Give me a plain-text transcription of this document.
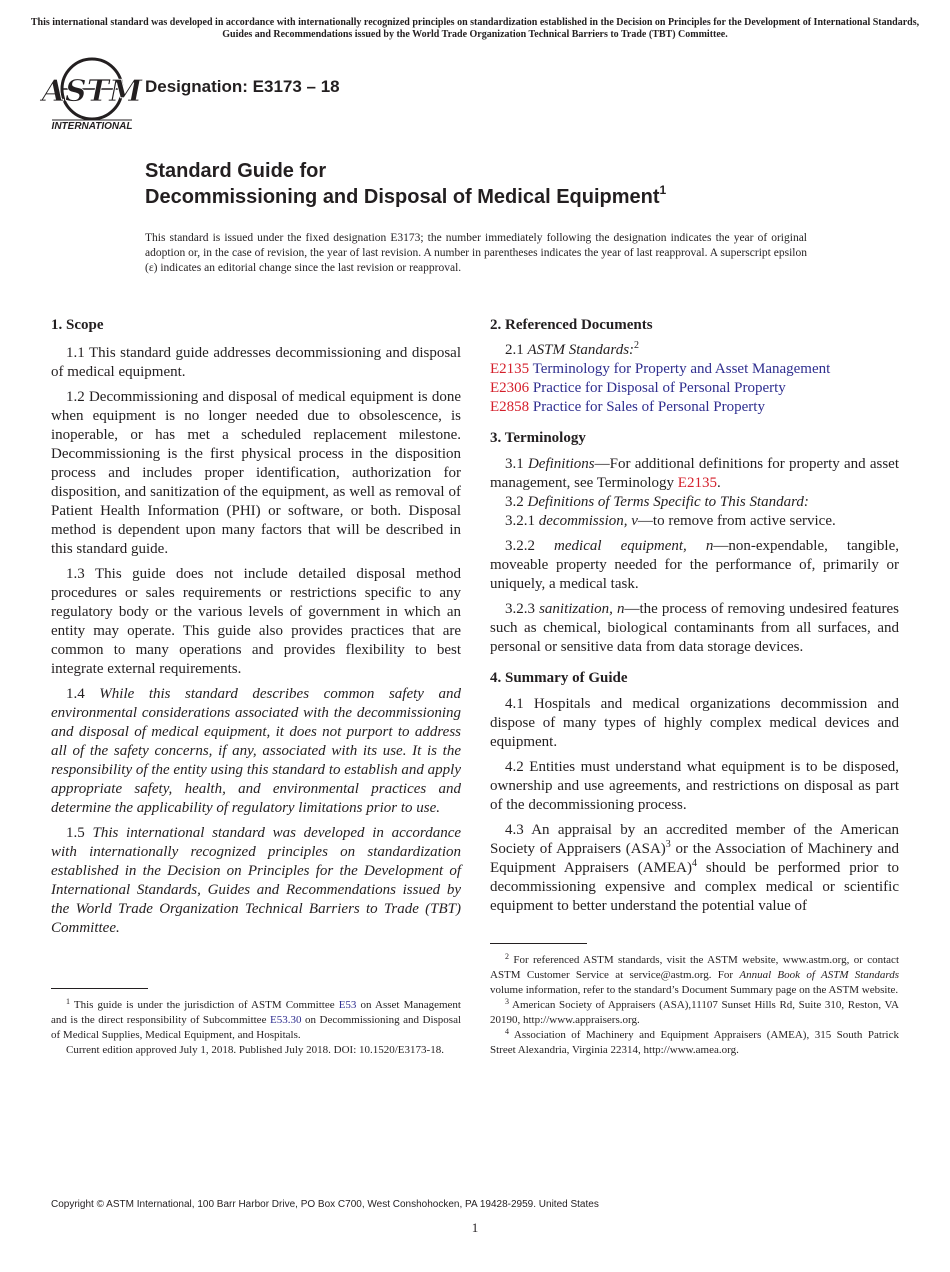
This international standard was developed in accordance with internationally recognized principles on standardization established in the Decision on Principles for the Development of International Standards, Guides and Recommendations issued by the World Trade Organization Technical Barriers to Trade (TBT) Committee.
ASTM
INTERNATIONAL
Designation: E3173 – 18
Standard Guide for
Decommissioning and Disposal of Medical Equipment$^1$
This standard is issued under the fixed designation E3173; the number immediately following the designation indicates the year of original adoption or, in the case of revision, the year of last revision. A number in parentheses indicates the year of last reapproval. A superscript epsilon (ε) indicates an editorial change since the last revision or reapproval.
1. Scope

1.1 This standard guide addresses decommissioning and disposal of medical equipment.

1.2 Decommissioning and disposal of medical equipment is done when equipment is no longer needed due to obsolescence, is inoperable, or has met a scheduled replacement milestone. Decommissioning is the first physical process in the disposition process and includes proper identification, authorization for disposition, and sanitization of the equipment, as well as removal of Patient Health Information (PHI) or software, or both. Disposal method is dependent upon many factors that will be described in this standard guide.

1.3 This guide does not include detailed disposal method procedures or sales requirements or restrictions specific to any regulatory body or the various levels of government in which an entity may operate. This guide also provides practices that are common to many operations and provides flexibility to best integrate external requirements.

1.4 While this standard describes common safety and environmental considerations associated with the decommissioning and disposal of medical equipment, it does not purport to address all of the safety concerns, if any, associated with its use. It is the responsibility of the entity using this standard to establish and apply appropriate safety, health, and environmental practices and determine the applicability of regulatory limitations prior to use.

1.5 This international standard was developed in accordance with internationally recognized principles on standardization established in the Decision on Principles for the Development of International Standards, Guides and Recommendations issued by the World Trade Organization Technical Barriers to Trade (TBT) Committee.

$^1$ This guide is under the jurisdiction of ASTM Committee E53 on Asset Management and is the direct responsibility of Subcommittee E53.30 on Decommissioning and Disposal of Medical Supplies, Medical Equipment, and Hospitals.

Current edition approved July 1, 2018. Published July 2018. DOI: 10.1520/E3173-18.

2. Referenced Documents

2.1 ASTM Standards:$^2$

E2135 Terminology for Property and Asset Management

E2306 Practice for Disposal of Personal Property

E2858 Practice for Sales of Personal Property

3. Terminology

3.1 Definitions—For additional definitions for property and asset management, see Terminology E2135.

3.2 Definitions of Terms Specific to This Standard:

3.2.1 decommission, v—to remove from active service.

3.2.2 medical equipment, n—non-expendable, tangible, moveable property needed for the performance of, primarily or uniquely, a medical task.

3.2.3 sanitization, n—the process of removing undesired features such as chemical, biological contaminants from all surfaces, and personal or sensitive data from data storage devices.

4. Summary of Guide

4.1 Hospitals and medical organizations decommission and dispose of many types of highly complex medical devices and equipment.

4.2 Entities must understand what equipment is to be disposed, ownership and use agreements, and restrictions on disposal as part of the decommissioning process.

4.3 An appraisal by an accredited member of the American Society of Appraisers (ASA)$^3$ or the Association of Machinery and Equipment Appraisers (AMEA)$^4$ should be performed prior to decommissioning expensive and complex medical or scientific equipment to better understand the potential value of

$^2$ For referenced ASTM standards, visit the ASTM website, www.astm.org, or contact ASTM Customer Service at service@astm.org. For Annual Book of ASTM Standards volume information, refer to the standard’s Document Summary page on the ASTM website.

$^3$ American Society of Appraisers (ASA),11107 Sunset Hills Rd, Suite 310, Reston, VA 20190, http://www.appraisers.org.

$^4$ Association of Machinery and Equipment Appraisers (AMEA), 315 South Patrick Street Alexandria, Virginia 22314, http://www.amea.org.

Copyright © ASTM International, 100 Barr Harbor Drive, PO Box C700, West Conshohocken, PA 19428-2959. United States
1
